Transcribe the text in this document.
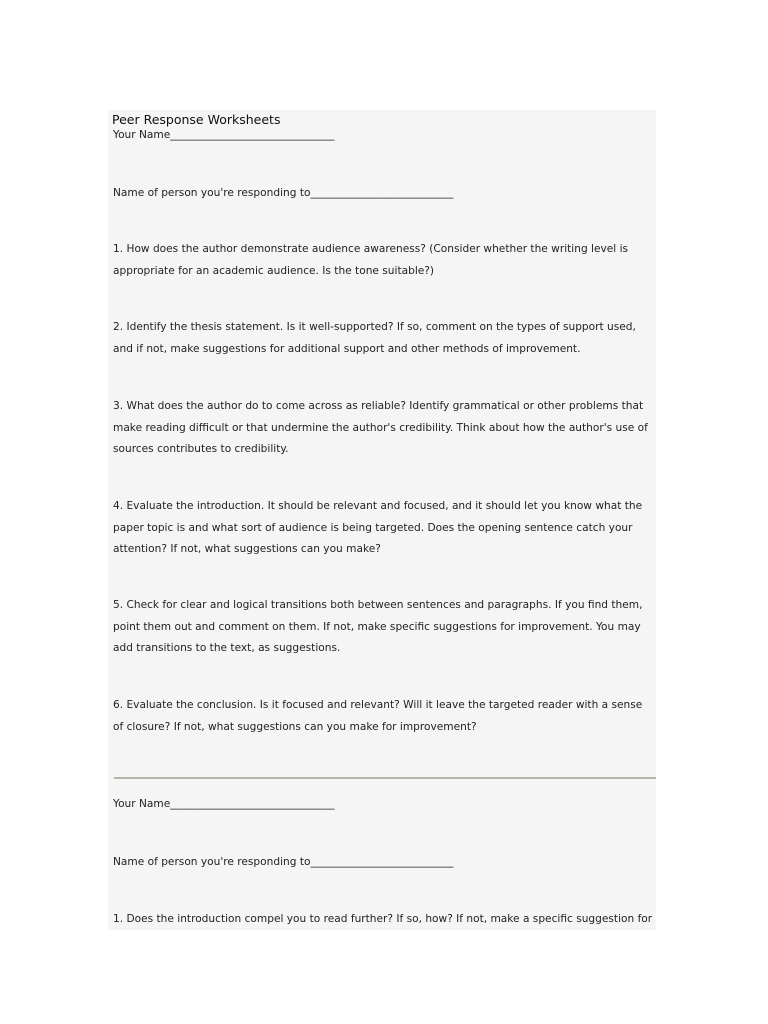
Peer Response Worksheets

Your Name_______________________________

Name of person you're responding to___________________________

1. How does the author demonstrate audience awareness? (Consider whether the writing level is appropriate for an academic audience. Is the tone suitable?)

2. Identify the thesis statement. Is it well-supported? If so, comment on the types of support used, and if not, make suggestions for additional support and other methods of improvement.

3. What does the author do to come across as reliable? Identify grammatical or other problems that make reading difficult or that undermine the author's credibility. Think about how the author's use of sources contributes to credibility.

4. Evaluate the introduction. It should be relevant and focused, and it should let you know what the paper topic is and what sort of audience is being targeted. Does the opening sentence catch your attention? If not, what suggestions can you make?

5. Check for clear and logical transitions both between sentences and paragraphs. If you find them, point them out and comment on them. If not, make specific suggestions for improvement. You may add transitions to the text, as suggestions.

6. Evaluate the conclusion. Is it focused and relevant? Will it leave the targeted reader with a sense of closure? If not, what suggestions can you make for improvement?

Your Name_______________________________

Name of person you're responding to___________________________

1. Does the introduction compel you to read further? If so, how? If not, make a specific suggestion for
